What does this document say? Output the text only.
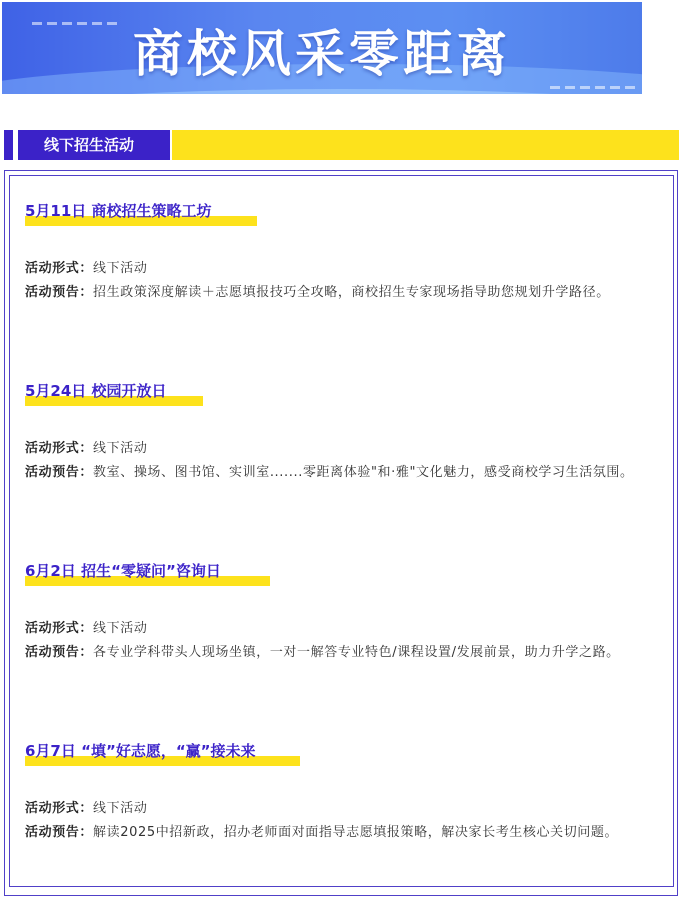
商校风采零距离
线下招生活动
5月11日 商校招生策略工坊
活动形式：线下活动
活动预告：招生政策深度解读＋志愿填报技巧全攻略，商校招生专家现场指导助您规划升学路径。
5月24日 校园开放日
活动形式：线下活动
活动预告：教室、操场、图书馆、实训室.......零距离体验"和·雅"文化魅力，感受商校学习生活氛围。
6月2日 招生“零疑问”咨询日
活动形式：线下活动
活动预告：各专业学科带头人现场坐镇，一对一解答专业特色/课程设置/发展前景，助力升学之路。
6月7日 “填”好志愿，“赢”接未来
活动形式：线下活动
活动预告：解读2025中招新政，招办老师面对面指导志愿填报策略，解决家长考生核心关切问题。
